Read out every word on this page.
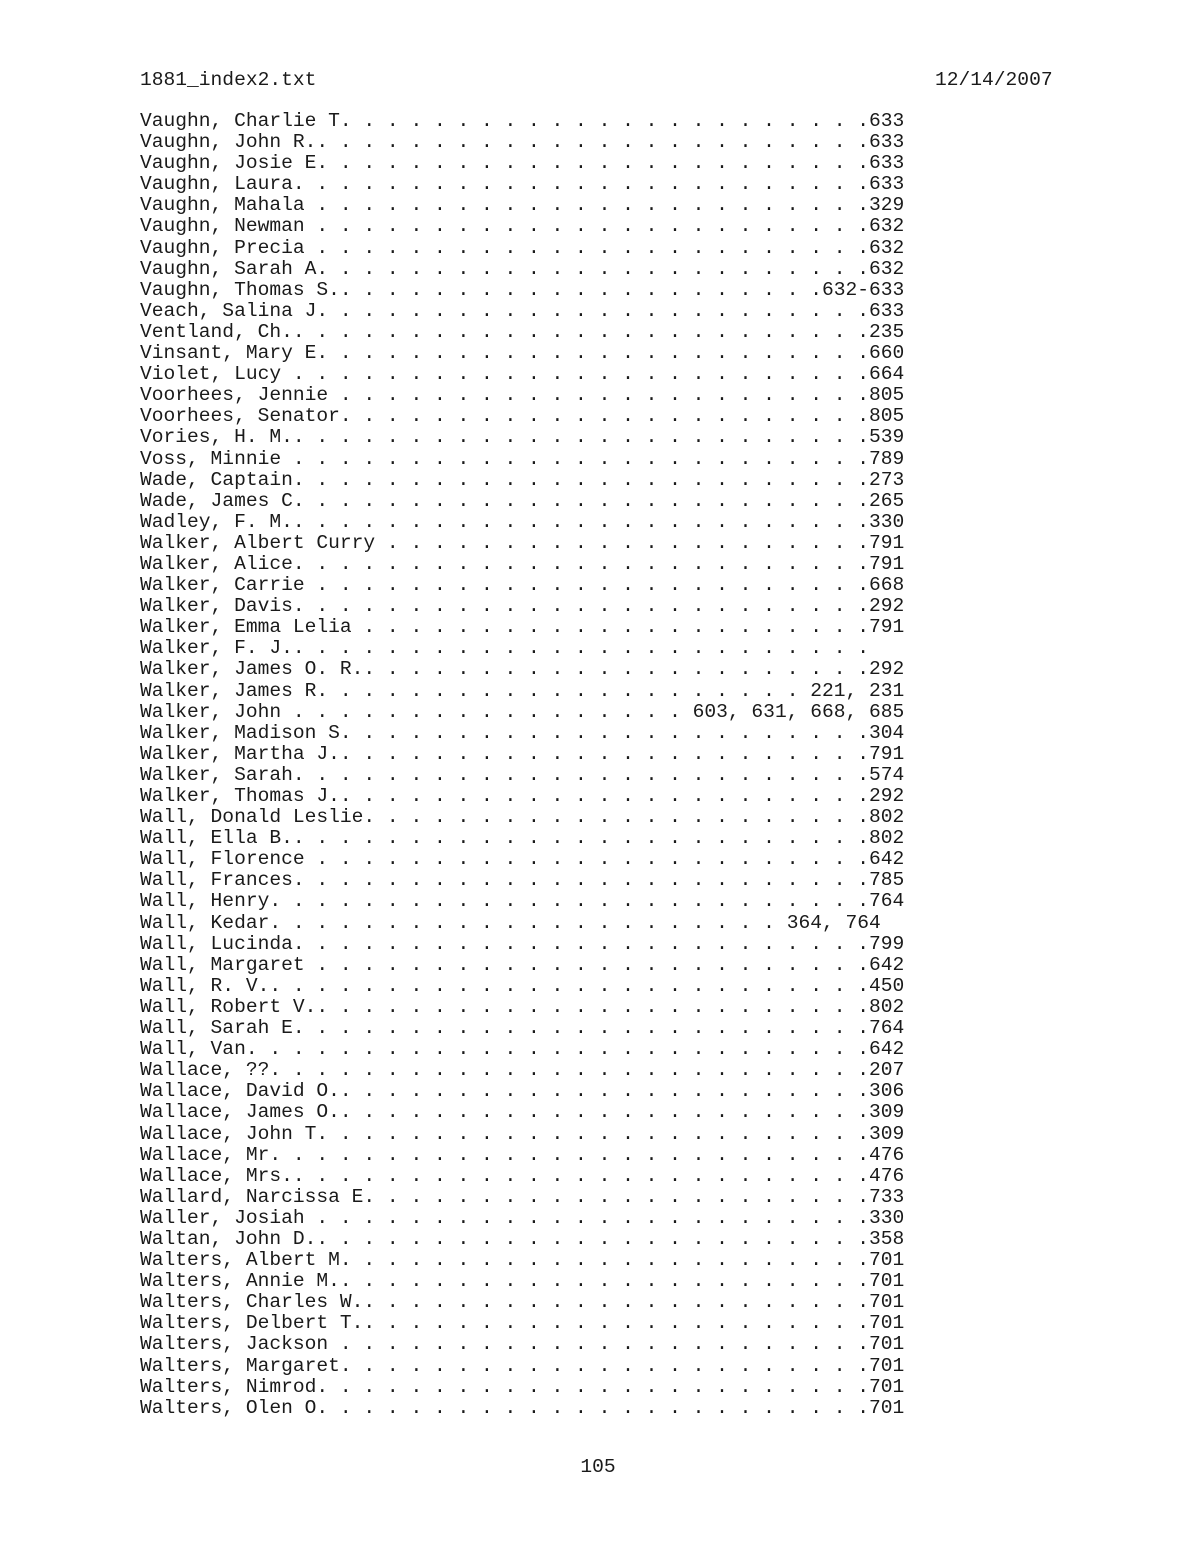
1881_index2.txt	12/14/2007
Vaughn, Charlie T. . . . . . . . . . . . . . . . . . . . . . .633
Vaughn, John R.. . . . . . . . . . . . . . . . . . . . . . . .633
Vaughn, Josie E. . . . . . . . . . . . . . . . . . . . . . . .633
Vaughn, Laura. . . . . . . . . . . . . . . . . . . . . . . . .633
Vaughn, Mahala . . . . . . . . . . . . . . . . . . . . . . . .329
Vaughn, Newman . . . . . . . . . . . . . . . . . . . . . . . .632
Vaughn, Precia . . . . . . . . . . . . . . . . . . . . . . . .632
Vaughn, Sarah A. . . . . . . . . . . . . . . . . . . . . . . .632
Vaughn, Thomas S.. . . . . . . . . . . . . . . . . . . . .632-633
Veach, Salina J. . . . . . . . . . . . . . . . . . . . . . . .633
Ventland, Ch.. . . . . . . . . . . . . . . . . . . . . . . . .235
Vinsant, Mary E. . . . . . . . . . . . . . . . . . . . . . . .660
Violet, Lucy . . . . . . . . . . . . . . . . . . . . . . . . .664
Voorhees, Jennie . . . . . . . . . . . . . . . . . . . . . . .805
Voorhees, Senator. . . . . . . . . . . . . . . . . . . . . . .805
Vories, H. M.. . . . . . . . . . . . . . . . . . . . . . . . .539
Voss, Minnie . . . . . . . . . . . . . . . . . . . . . . . . .789
Wade, Captain. . . . . . . . . . . . . . . . . . . . . . . . .273
Wade, James C. . . . . . . . . . . . . . . . . . . . . . . . .265
Wadley, F. M.. . . . . . . . . . . . . . . . . . . . . . . . .330
Walker, Albert Curry . . . . . . . . . . . . . . . . . . . . .791
Walker, Alice. . . . . . . . . . . . . . . . . . . . . . . . .791
Walker, Carrie . . . . . . . . . . . . . . . . . . . . . . . .668
Walker, Davis. . . . . . . . . . . . . . . . . . . . . . . . .292
Walker, Emma Lelia . . . . . . . . . . . . . . . . . . . . . .791
Walker, F. J.. . . . . . . . . . . . . . . . . . . . . . . . .
Walker, James O. R.. . . . . . . . . . . . . . . . . . . . . .292
Walker, James R. . . . . . . . . . . . . . . . . . . . . 221, 231
Walker, John . . . . . . . . . . . . . . . . . 603, 631, 668, 685
Walker, Madison S. . . . . . . . . . . . . . . . . . . . . . .304
Walker, Martha J.. . . . . . . . . . . . . . . . . . . . . . .791
Walker, Sarah. . . . . . . . . . . . . . . . . . . . . . . . .574
Walker, Thomas J.. . . . . . . . . . . . . . . . . . . . . . .292
Wall, Donald Leslie. . . . . . . . . . . . . . . . . . . . . .802
Wall, Ella B.. . . . . . . . . . . . . . . . . . . . . . . . .802
Wall, Florence . . . . . . . . . . . . . . . . . . . . . . . .642
Wall, Frances. . . . . . . . . . . . . . . . . . . . . . . . .785
Wall, Henry. . . . . . . . . . . . . . . . . . . . . . . . . .764
Wall, Kedar. . . . . . . . . . . . . . . . . . . . . . 364, 764
Wall, Lucinda. . . . . . . . . . . . . . . . . . . . . . . . .799
Wall, Margaret . . . . . . . . . . . . . . . . . . . . . . . .642
Wall, R. V.. . . . . . . . . . . . . . . . . . . . . . . . . .450
Wall, Robert V.. . . . . . . . . . . . . . . . . . . . . . . .802
Wall, Sarah E. . . . . . . . . . . . . . . . . . . . . . . . .764
Wall, Van. . . . . . . . . . . . . . . . . . . . . . . . . . .642
Wallace, ??. . . . . . . . . . . . . . . . . . . . . . . . . .207
Wallace, David O.. . . . . . . . . . . . . . . . . . . . . . .306
Wallace, James O.. . . . . . . . . . . . . . . . . . . . . . .309
Wallace, John T. . . . . . . . . . . . . . . . . . . . . . . .309
Wallace, Mr. . . . . . . . . . . . . . . . . . . . . . . . . .476
Wallace, Mrs.. . . . . . . . . . . . . . . . . . . . . . . . .476
Wallard, Narcissa E. . . . . . . . . . . . . . . . . . . . . .733
Waller, Josiah . . . . . . . . . . . . . . . . . . . . . . . .330
Waltan, John D.. . . . . . . . . . . . . . . . . . . . . . . .358
Walters, Albert M. . . . . . . . . . . . . . . . . . . . . . .701
Walters, Annie M.. . . . . . . . . . . . . . . . . . . . . . .701
Walters, Charles W.. . . . . . . . . . . . . . . . . . . . . .701
Walters, Delbert T.. . . . . . . . . . . . . . . . . . . . . .701
Walters, Jackson . . . . . . . . . . . . . . . . . . . . . . .701
Walters, Margaret. . . . . . . . . . . . . . . . . . . . . . .701
Walters, Nimrod. . . . . . . . . . . . . . . . . . . . . . . .701
Walters, Olen O. . . . . . . . . . . . . . . . . . . . . . . .701
105
